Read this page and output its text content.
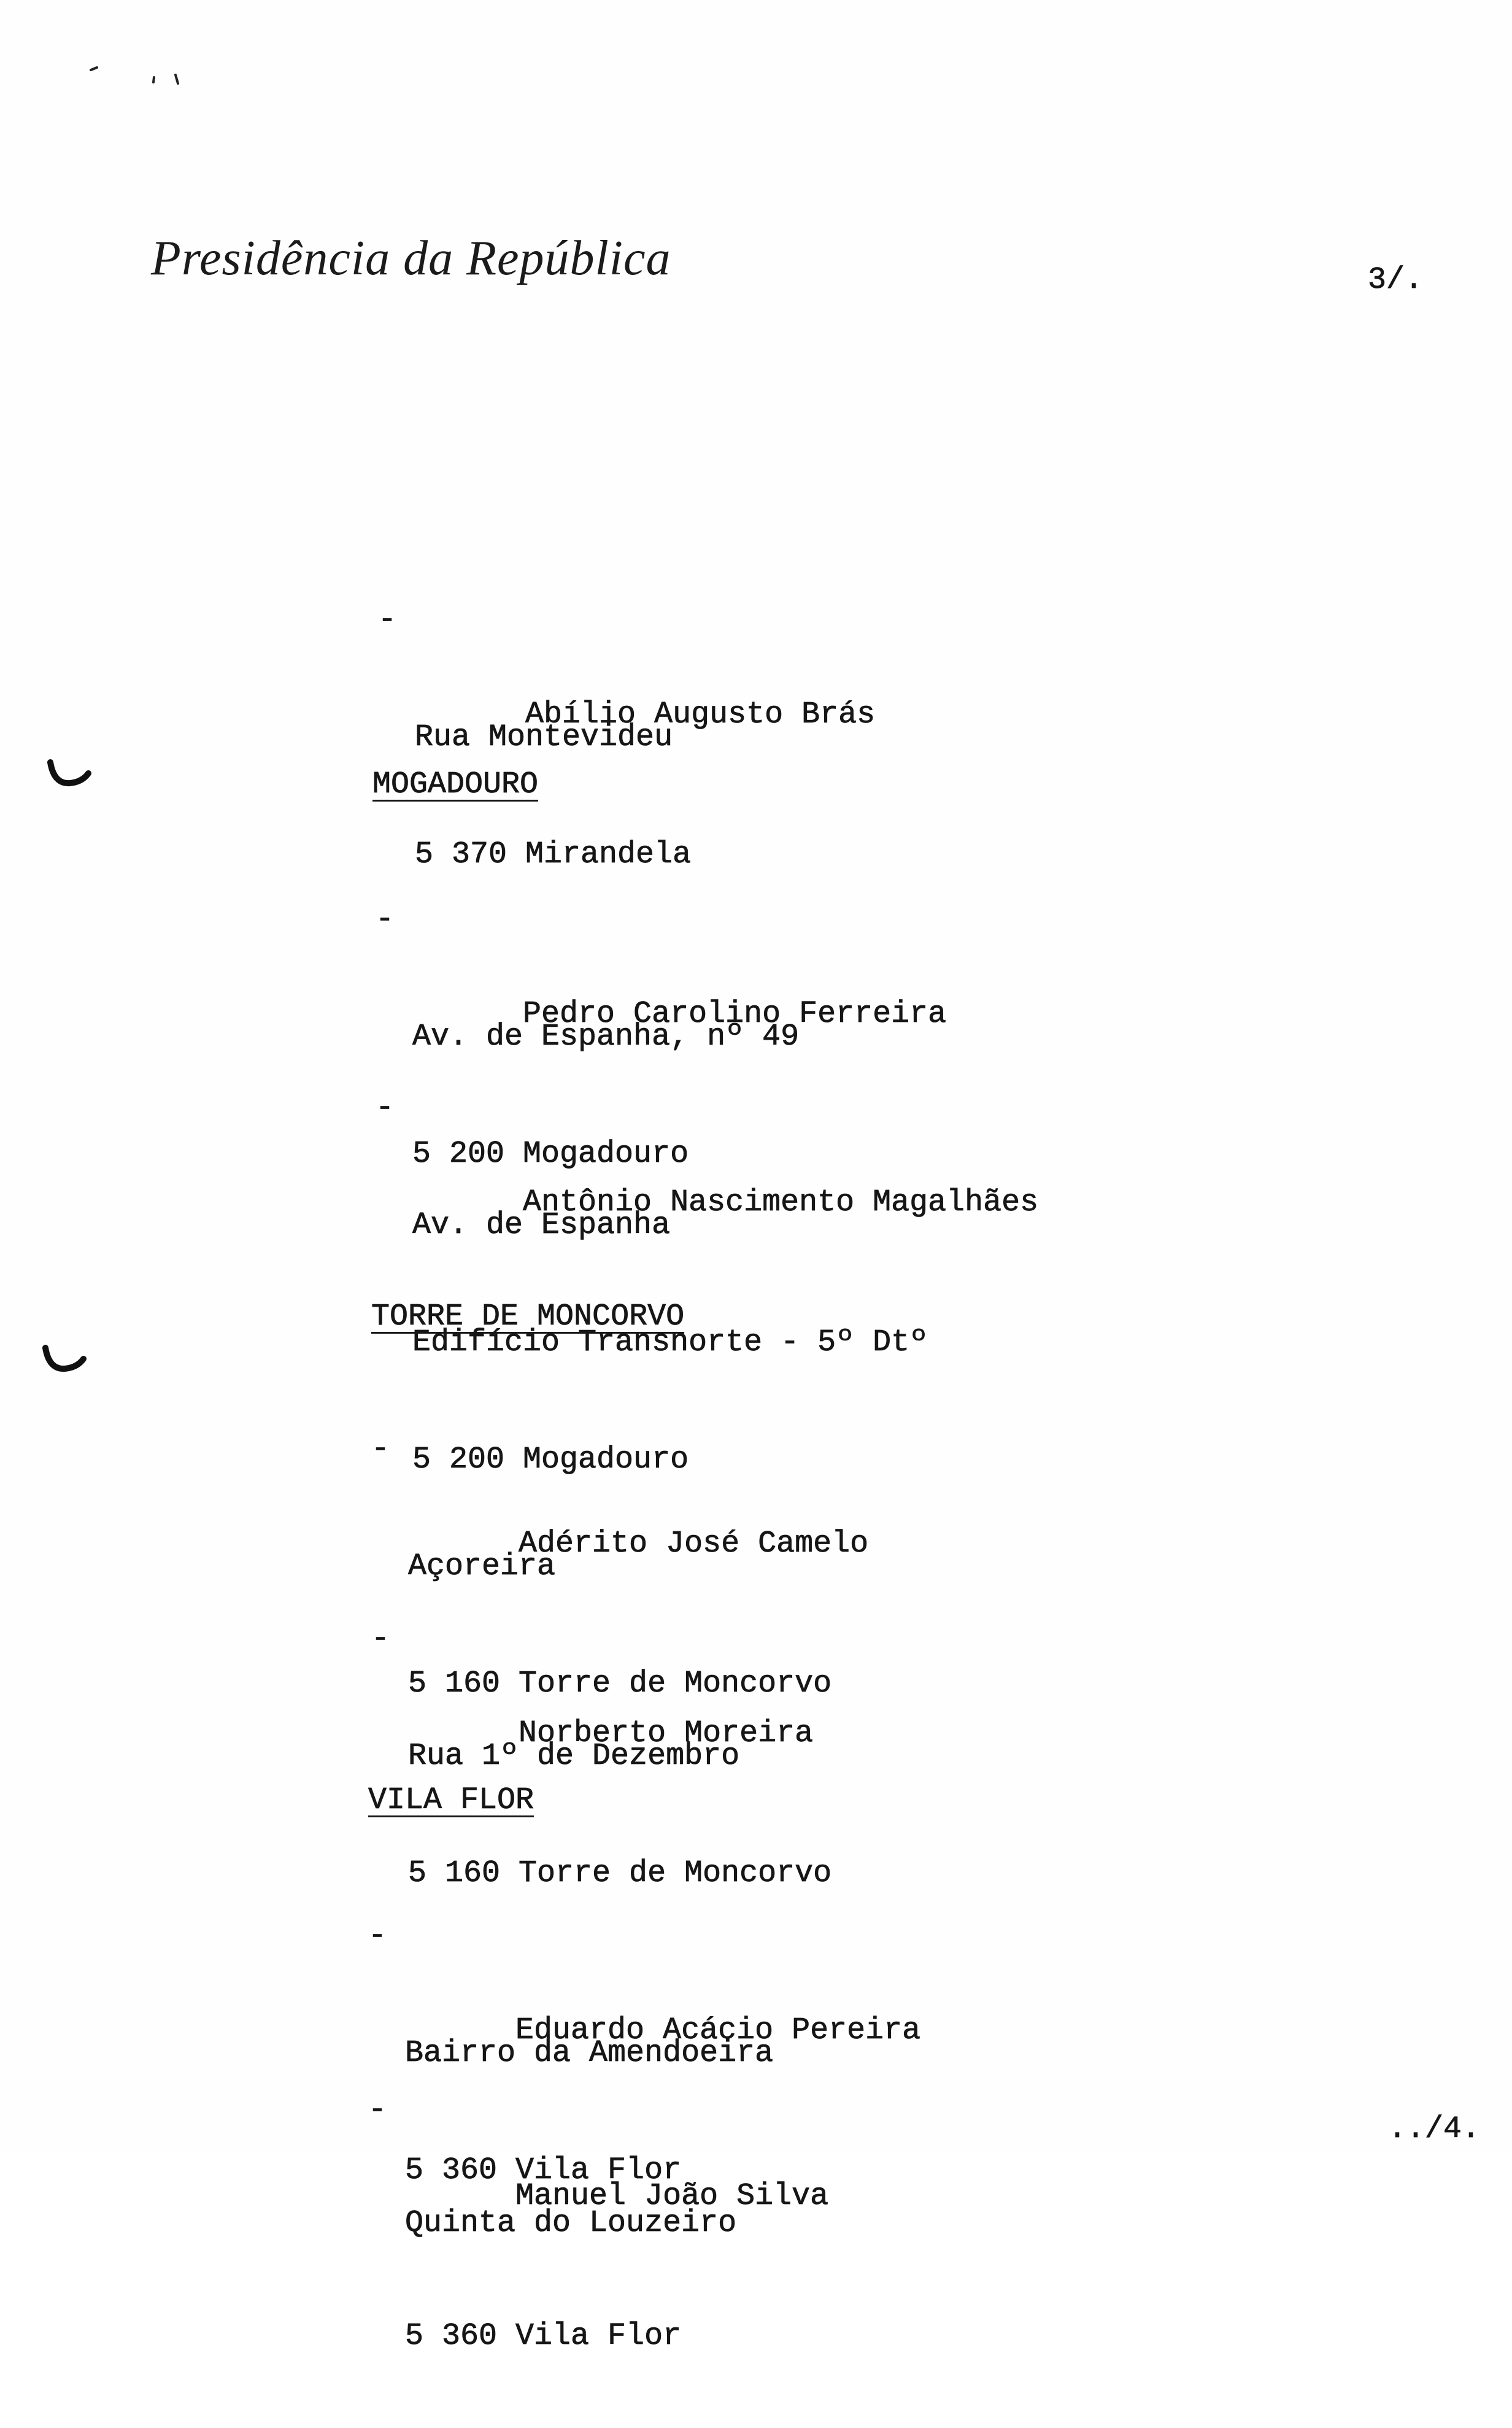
Presidência da República	3/.

-

Abílio Augusto Brás

Rua Montevideu

5 370 Mirandela

MOGADOURO

-

Pedro Carolino Ferreira

Av. de Espanha, nº 49

5 200 Mogadouro

-

Antônio Nascimento Magalhães

Av. de Espanha

Edifício Transnorte - 5º Dtº

5 200 Mogadouro

TORRE DE MONCORVO

-

Adérito José Camelo

Açoreira

5 160 Torre de Moncorvo

-

Norberto Moreira

Rua 1º de Dezembro

5 160 Torre de Moncorvo

VILA FLOR

-

Eduardo Acácio Pereira

Bairro da Amendoeira

5 360 Vila Flor

-

Manuel João Silva

Quinta do Louzeiro

5 360 Vila Flor

../4.
